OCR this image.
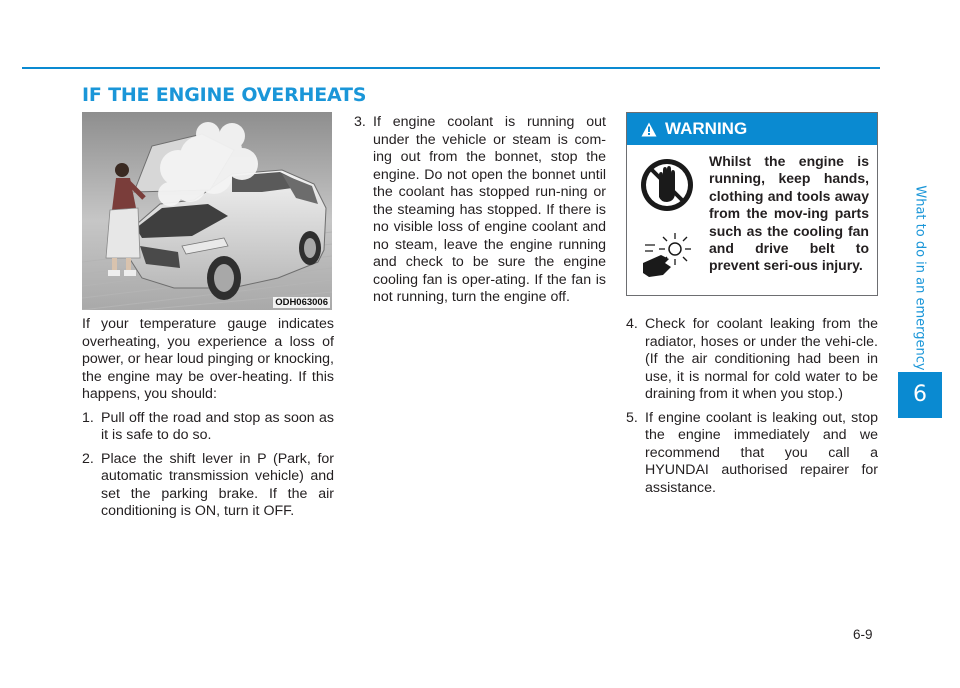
IF THE ENGINE OVERHEATS
What to do in an emergency
6
ODH063006

If your temperature gauge indicates overheating, you experience a loss of power, or hear loud pinging or knocking, the engine may be over-heating. If this happens, you should:

1. Pull off the road and stop as soon as it is safe to do so.
2. Place the shift lever in P (Park, for automatic transmission vehicle) and set the parking brake. If the air conditioning is ON, turn it OFF.
3. If engine coolant is running out under the vehicle or steam is com-ing out from the bonnet, stop the engine. Do not open the bonnet until the coolant has stopped run-ning or the steaming has stopped. If there is no visible loss of engine coolant and no steam, leave the engine running and check to be sure the engine cooling fan is oper-ating. If the fan is not running, turn the engine off.
WARNING
Whilst the engine is running, keep hands, clothing and tools away from the mov-ing parts such as the cooling fan and drive belt to prevent seri-ous injury.
4. Check for coolant leaking from the radiator, hoses or under the vehi-cle. (If the air conditioning had been in use, it is normal for cold water to be draining from it when you stop.)
5. If engine coolant is leaking out, stop the engine immediately and we recommend that you call a HYUNDAI authorised repairer for assistance.
6-9
